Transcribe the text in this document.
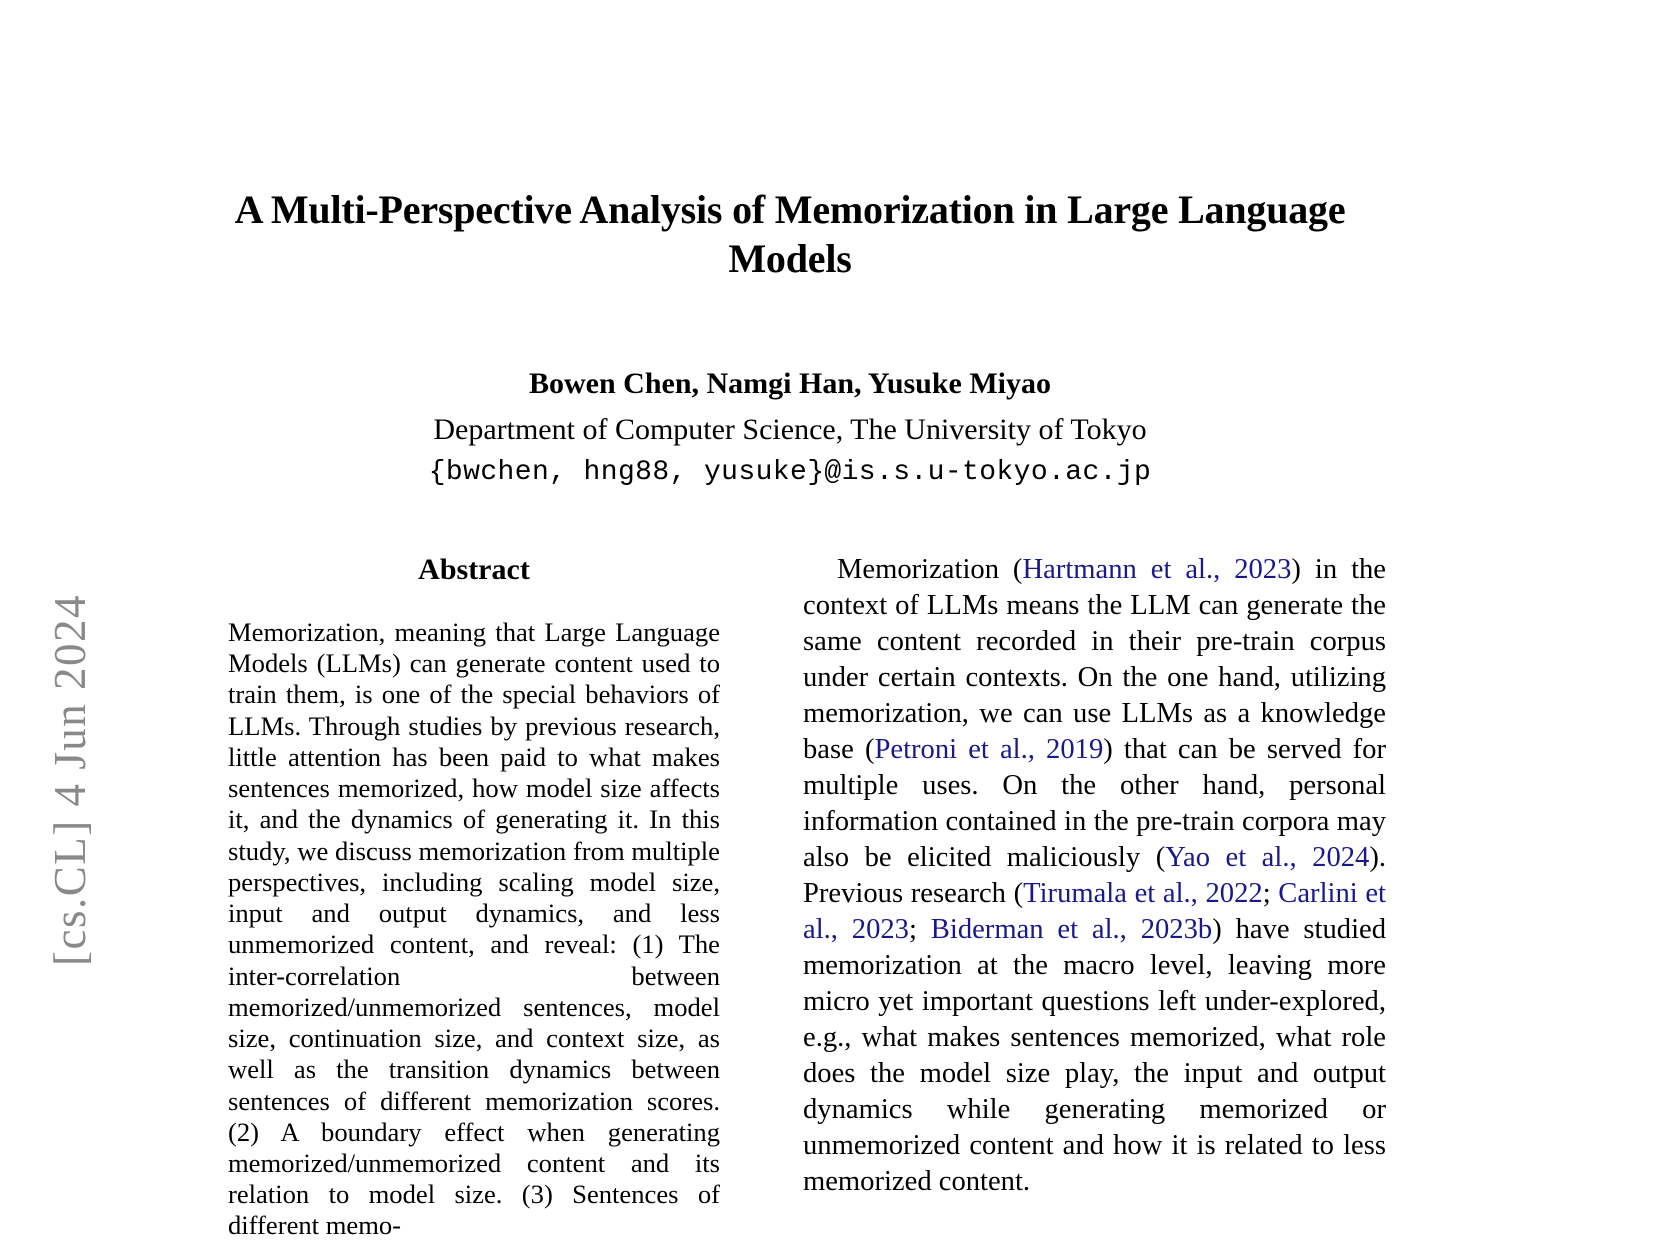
[cs.CL] 4 Jun 2024
A Multi-Perspective Analysis of Memorization in Large Language Models
Bowen Chen, Namgi Han, Yusuke Miyao
Department of Computer Science, The University of Tokyo
{bwchen, hng88, yusuke}@is.s.u-tokyo.ac.jp
Abstract

Memorization, meaning that Large Language Models (LLMs) can generate content used to train them, is one of the special behaviors of LLMs. Through studies by previous research, little attention has been paid to what makes sentences memorized, how model size affects it, and the dynamics of generating it. In this study, we discuss memorization from multiple perspectives, including scaling model size, input and output dynamics, and less unmemorized content, and reveal: (1) The inter-correlation between memorized/unmemorized sentences, model size, continuation size, and context size, as well as the transition dynamics between sentences of different memorization scores. (2) A boundary effect when generating memorized/unmemorized content and its relation to model size. (3) Sentences of different memo-

Memorization (Hartmann et al., 2023) in the context of LLMs means the LLM can generate the same content recorded in their pre-train corpus under certain contexts. On the one hand, utilizing memorization, we can use LLMs as a knowledge base (Petroni et al., 2019) that can be served for multiple uses. On the other hand, personal information contained in the pre-train corpora may also be elicited maliciously (Yao et al., 2024). Previous research (Tirumala et al., 2022; Carlini et al., 2023; Biderman et al., 2023b) have studied memorization at the macro level, leaving more micro yet important questions left under-explored, e.g., what makes sentences memorized, what role does the model size play, the input and output dynamics while generating memorized or unmemorized content and how it is related to less memorized content.
